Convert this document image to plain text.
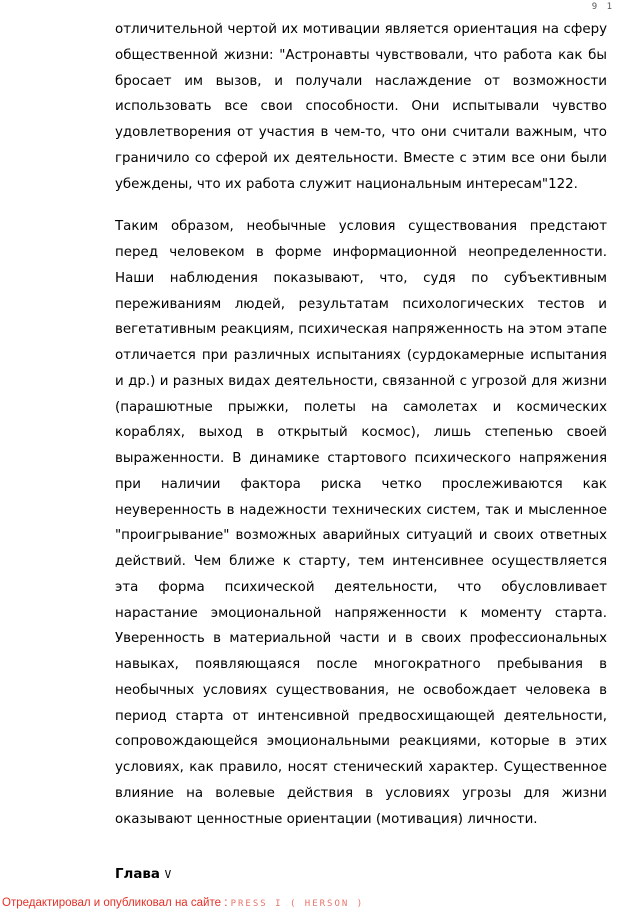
9 1

отличительной чертой их мотивации является ориентация на сферу общественной жизни: "Астронавты чувствовали, что работа как бы бросает им вызов, и получали наслаждение от возможности использовать все свои способности. Они испытывали чувство удовлетворения от участия в чем-то, что они считали важным, что граничило со сферой их деятельности. Вместе с этим все они были убеждены, что их работа служит национальным интересам"122.

Таким образом, необычные условия существования предстают перед человеком в форме информационной неопределенности. Наши наблюдения показывают, что, судя по субъективным переживаниям людей, результатам психологических тестов и вегетативным реакциям, психическая напряженность на этом этапе отличается при различных испытаниях (сурдокамерные испытания и др.) и разных видах деятельности, связанной с угрозой для жизни (парашютные прыжки, полеты на самолетах и космических кораблях, выход в открытый космос), лишь степенью своей выраженности. В динамике стартового психического напряжения при наличии фактора риска четко прослеживаются как неуверенность в надежности технических систем, так и мысленное "проигрывание" возможных аварийных ситуаций и своих ответных действий. Чем ближе к старту, тем интенсивнее осуществляется эта форма психической деятельности, что обусловливает нарастание эмоциональной напряженности к моменту старта. Уверенность в материальной части и в своих профессиональных навыках, появляющаяся после многократного пребывания в необычных условиях существования, не освобождает человека в период старта от интенсивной предвосхищающей деятельности, сопровождающейся эмоциональными реакциями, которые в этих условиях, как правило, носят стенический характер. Существенное влияние на волевые действия в условиях угрозы для жизни оказывают ценностные ориентации (мотивация) личности.

Глава V
Отредактировал и опубликовал на сайте : PRESS I ( HERSON )
